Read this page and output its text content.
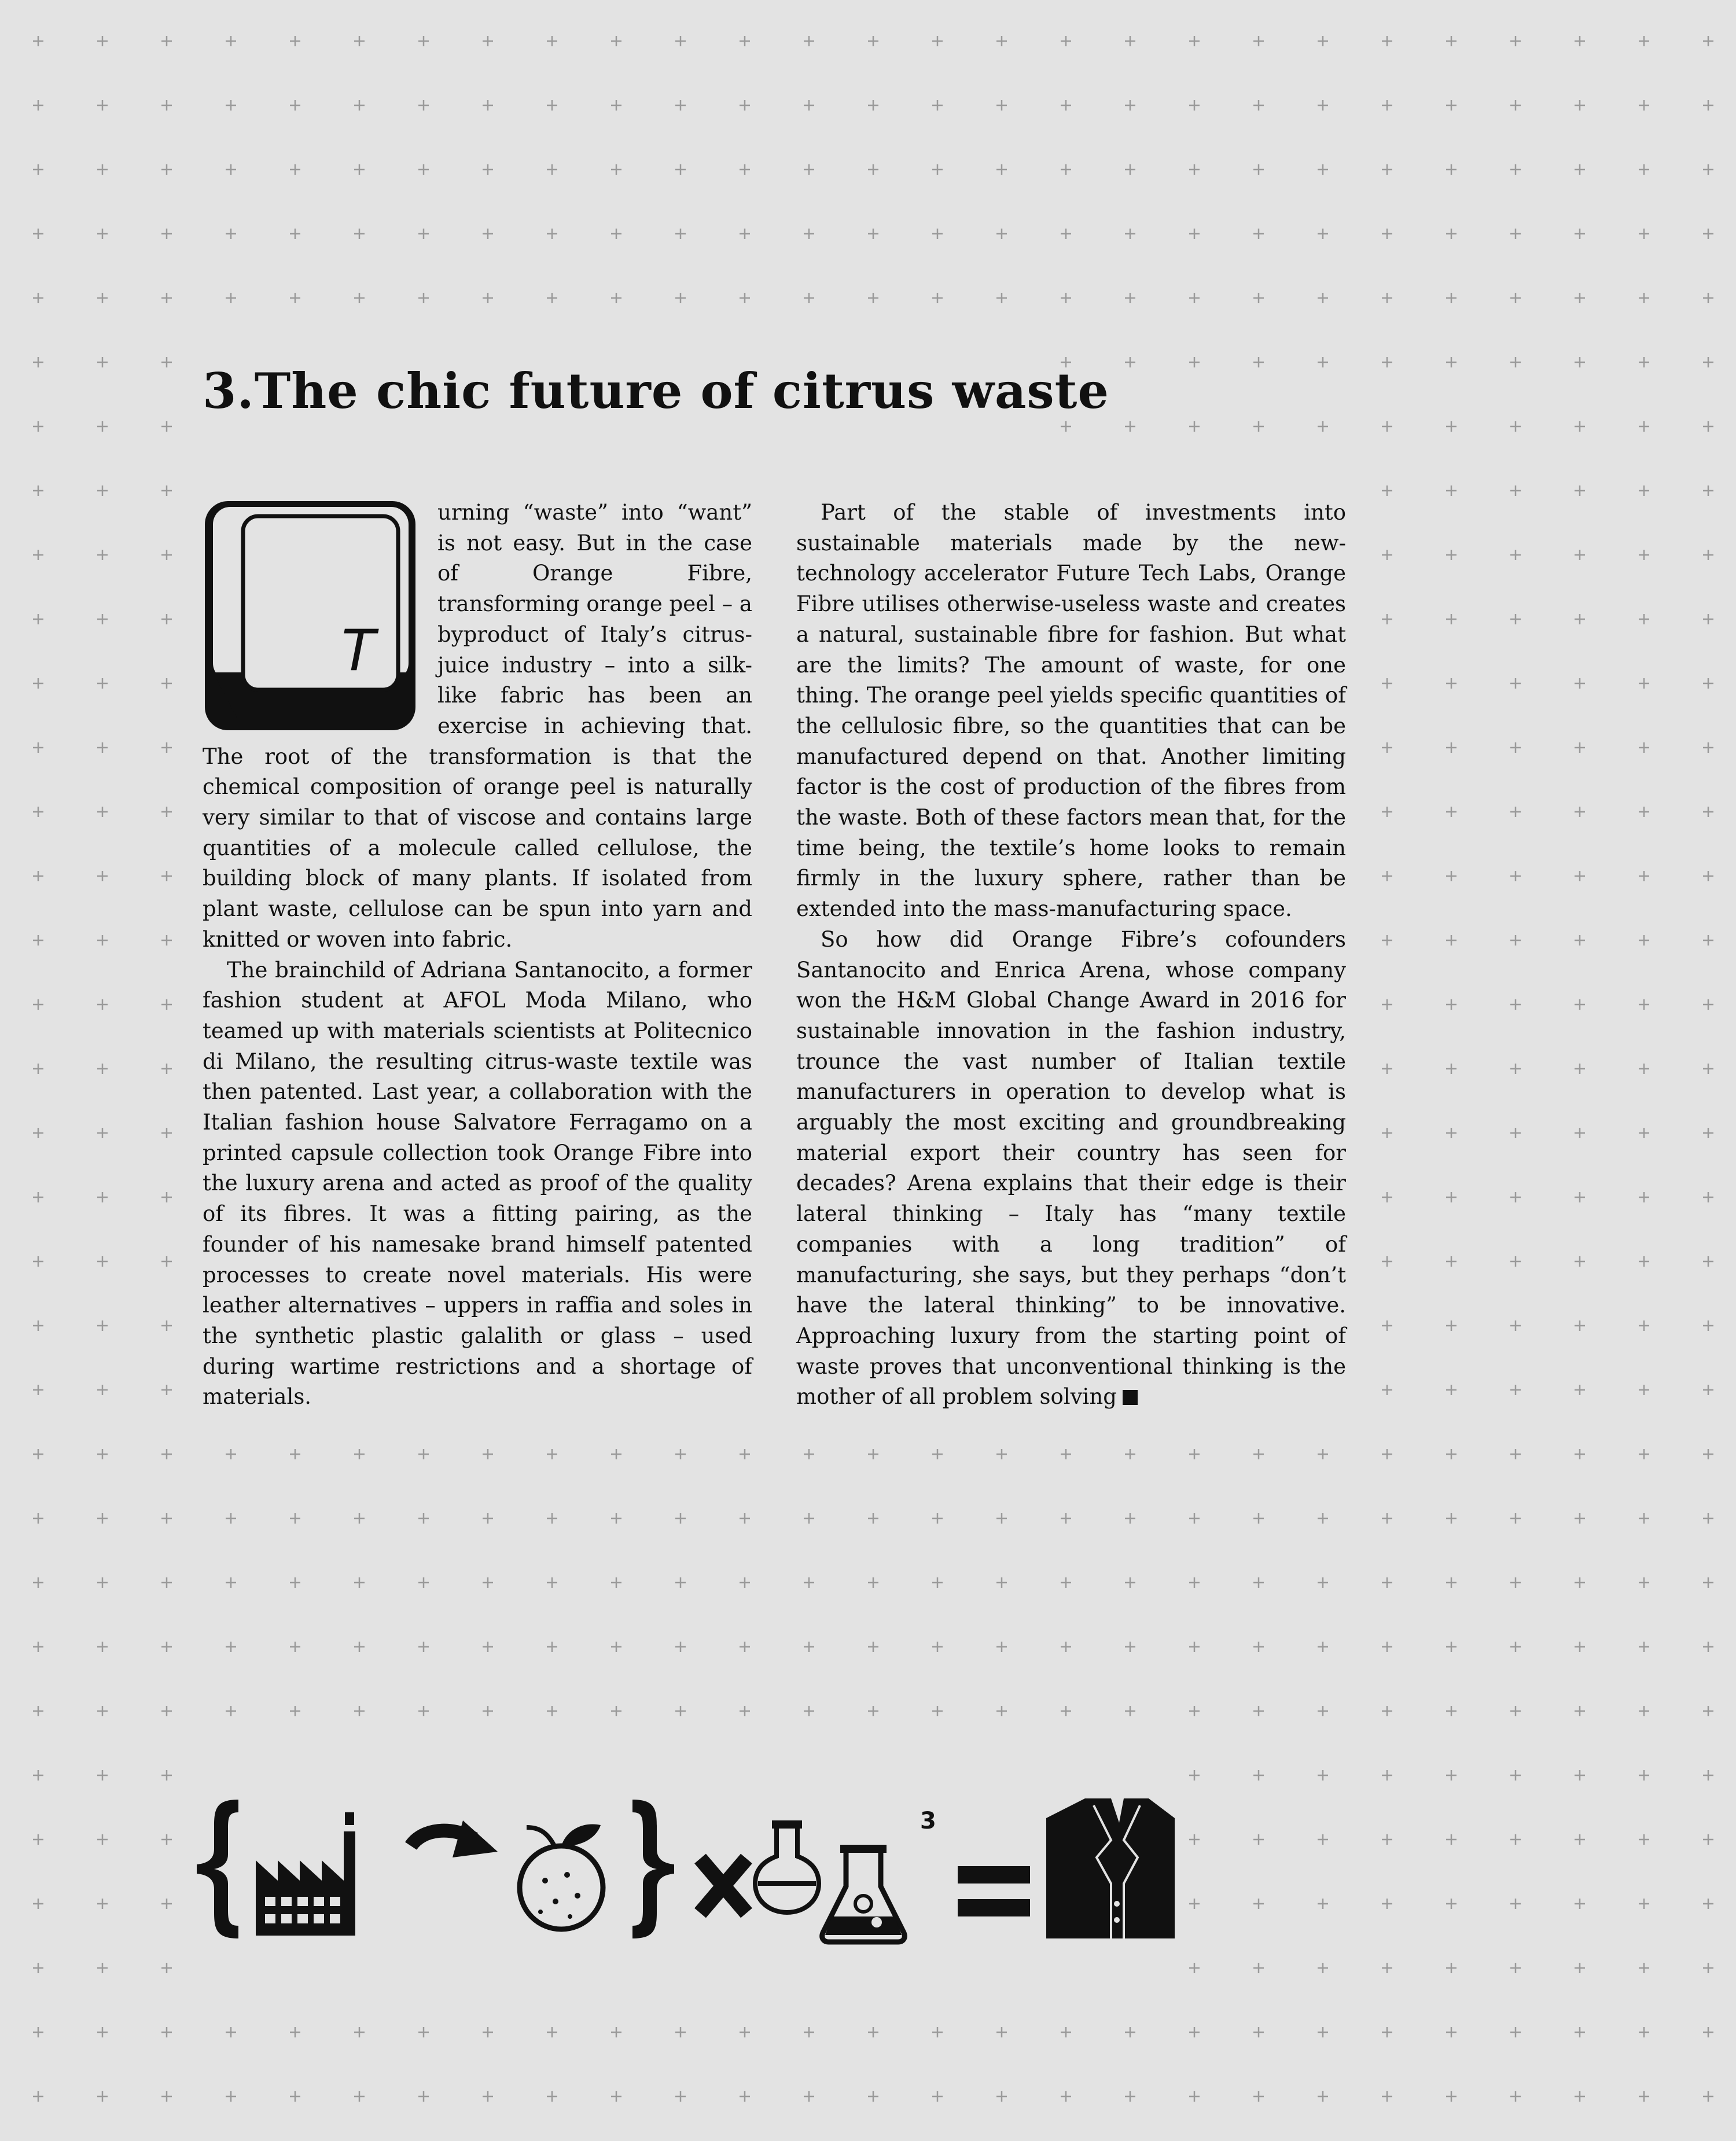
3.The chic future of citrus waste
T

urning “waste” into “want” is not easy. But in the case of Orange Fibre, transforming orange peel – a byproduct of Italy’s citrus-juice industry – into a silk-like fabric has been an exercise in achieving that. The root of the transformation is that the chemical composition of orange peel is naturally very similar to that of viscose and contains large quantities of a molecule called cellulose, the building block of many plants. If isolated from plant waste, cellulose can be spun into yarn and knitted or woven into fabric.

The brainchild of Adriana Santanocito, a former fashion student at AFOL Moda Milano, who teamed up with materials scientists at Politecnico di Milano, the resulting citrus-waste textile was then patented. Last year, a collaboration with the Italian fashion house Salvatore Ferragamo on a printed capsule collection took Orange Fibre into the luxury arena and acted as proof of the quality of its fibres. It was a fitting pairing, as the founder of his namesake brand himself patented processes to create novel materials. His were leather alternatives – uppers in raffia and soles in the synthetic plastic galalith or glass – used during wartime restrictions and a shortage of materials.

Part of the stable of investments into sustainable materials made by the new-technology accelerator Future Tech Labs, Orange Fibre utilises otherwise-useless waste and creates a natural, sustainable fibre for fashion. But what are the limits? The amount of waste, for one thing. The orange peel yields specific quantities of the cellulosic fibre, so the quantities that can be manufactured depend on that. Another limiting factor is the cost of production of the fibres from the waste. Both of these factors mean that, for the time being, the textile’s home looks to remain firmly in the luxury sphere, rather than be extended into the mass-manufacturing space.

So how did Orange Fibre’s cofounders Santanocito and Enrica Arena, whose company won the H&M Global Change Award in 2016 for sustainable innovation in the fashion industry, trounce the vast number of Italian textile manufacturers in operation to develop what is arguably the most exciting and groundbreaking material export their country has seen for decades? Arena explains that their edge is their lateral thinking – Italy has “many textile companies with a long tradition” of manufacturing, she says, but they perhaps “don’t have the lateral thinking” to be innovative. Approaching luxury from the starting point of waste proves that unconventional thinking is the mother of all problem solving

3
